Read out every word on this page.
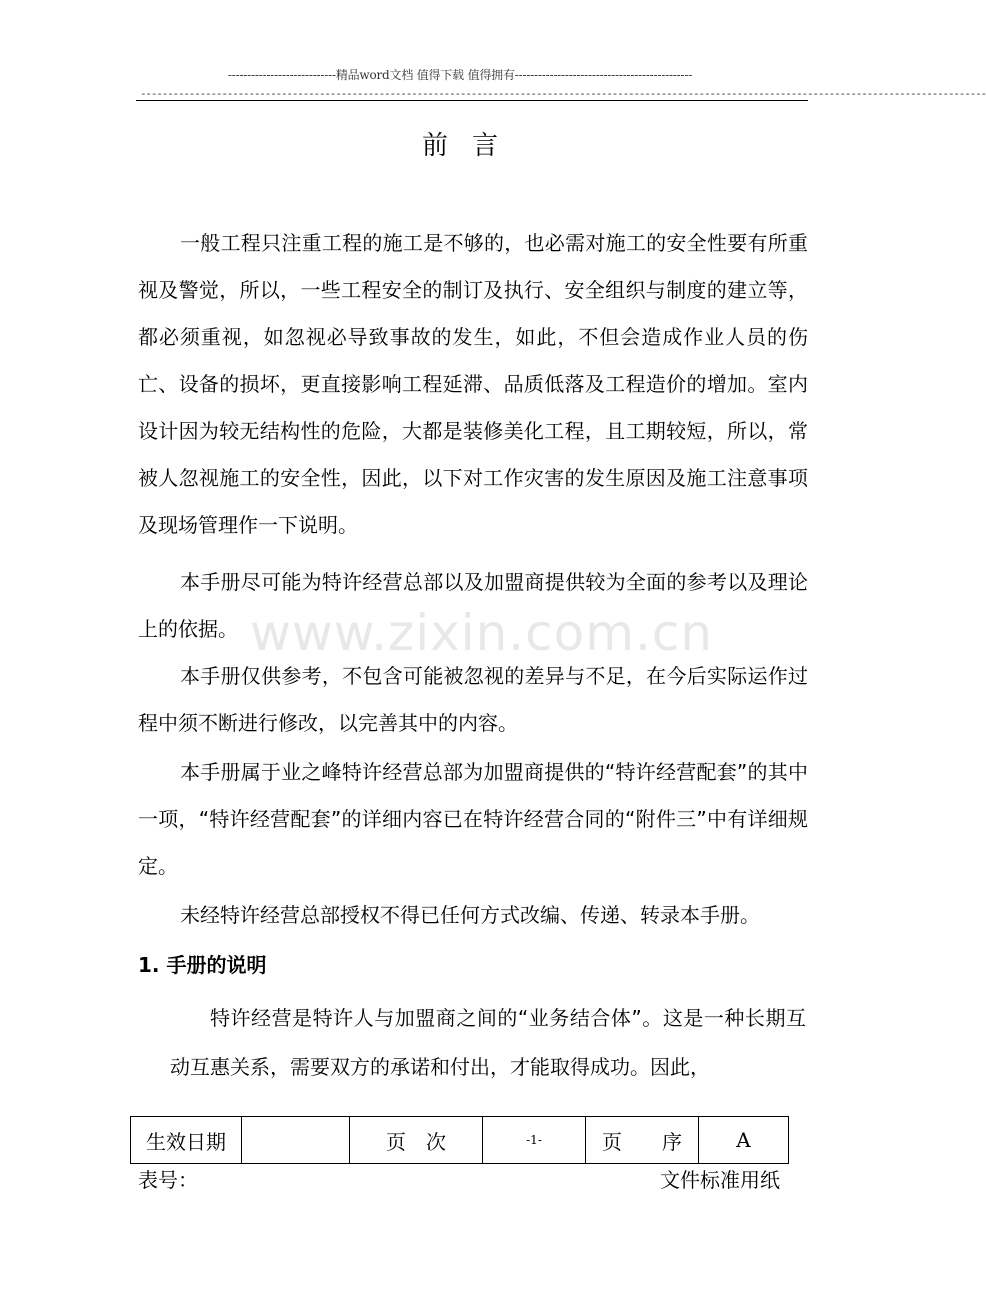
----------------------------精品word文档 值得下载 值得拥有----------------------------------------------
------------------------------------------------------------------------------------------------------------------------------------------------------------
前言
一般工程只注重工程的施工是不够的，也必需对施工的安全性要有所重视及警觉，所以，一些工程安全的制订及执行、安全组织与制度的建立等，都必须重视，如忽视必导致事故的发生，如此，不但会造成作业人员的伤亡、设备的损坏，更直接影响工程延滞、品质低落及工程造价的增加。室内设计因为较无结构性的危险，大都是装修美化工程，且工期较短，所以，常被人忽视施工的安全性，因此，以下对工作灾害的发生原因及施工注意事项及现场管理作一下说明。
本手册尽可能为特许经营总部以及加盟商提供较为全面的参考以及理论上的依据。
本手册仅供参考，不包含可能被忽视的差异与不足，在今后实际运作过程中须不断进行修改，以完善其中的内容。
本手册属于业之峰特许经营总部为加盟商提供的“特许经营配套”的其中一项，“特许经营配套”的详细内容已在特许经营合同的“附件三”中有详细规定。
未经特许经营总部授权不得已任何方式改编、传递、转录本手册。
www.zixin.com.cn
1. 手册的说明
特许经营是特许人与加盟商之间的“业务结合体”。这是一种长期互动互惠关系，需要双方的承诺和付出，才能取得成功。因此，
生效日期		页　次	-1-	页　　序	A
表号：	文件标准用纸
